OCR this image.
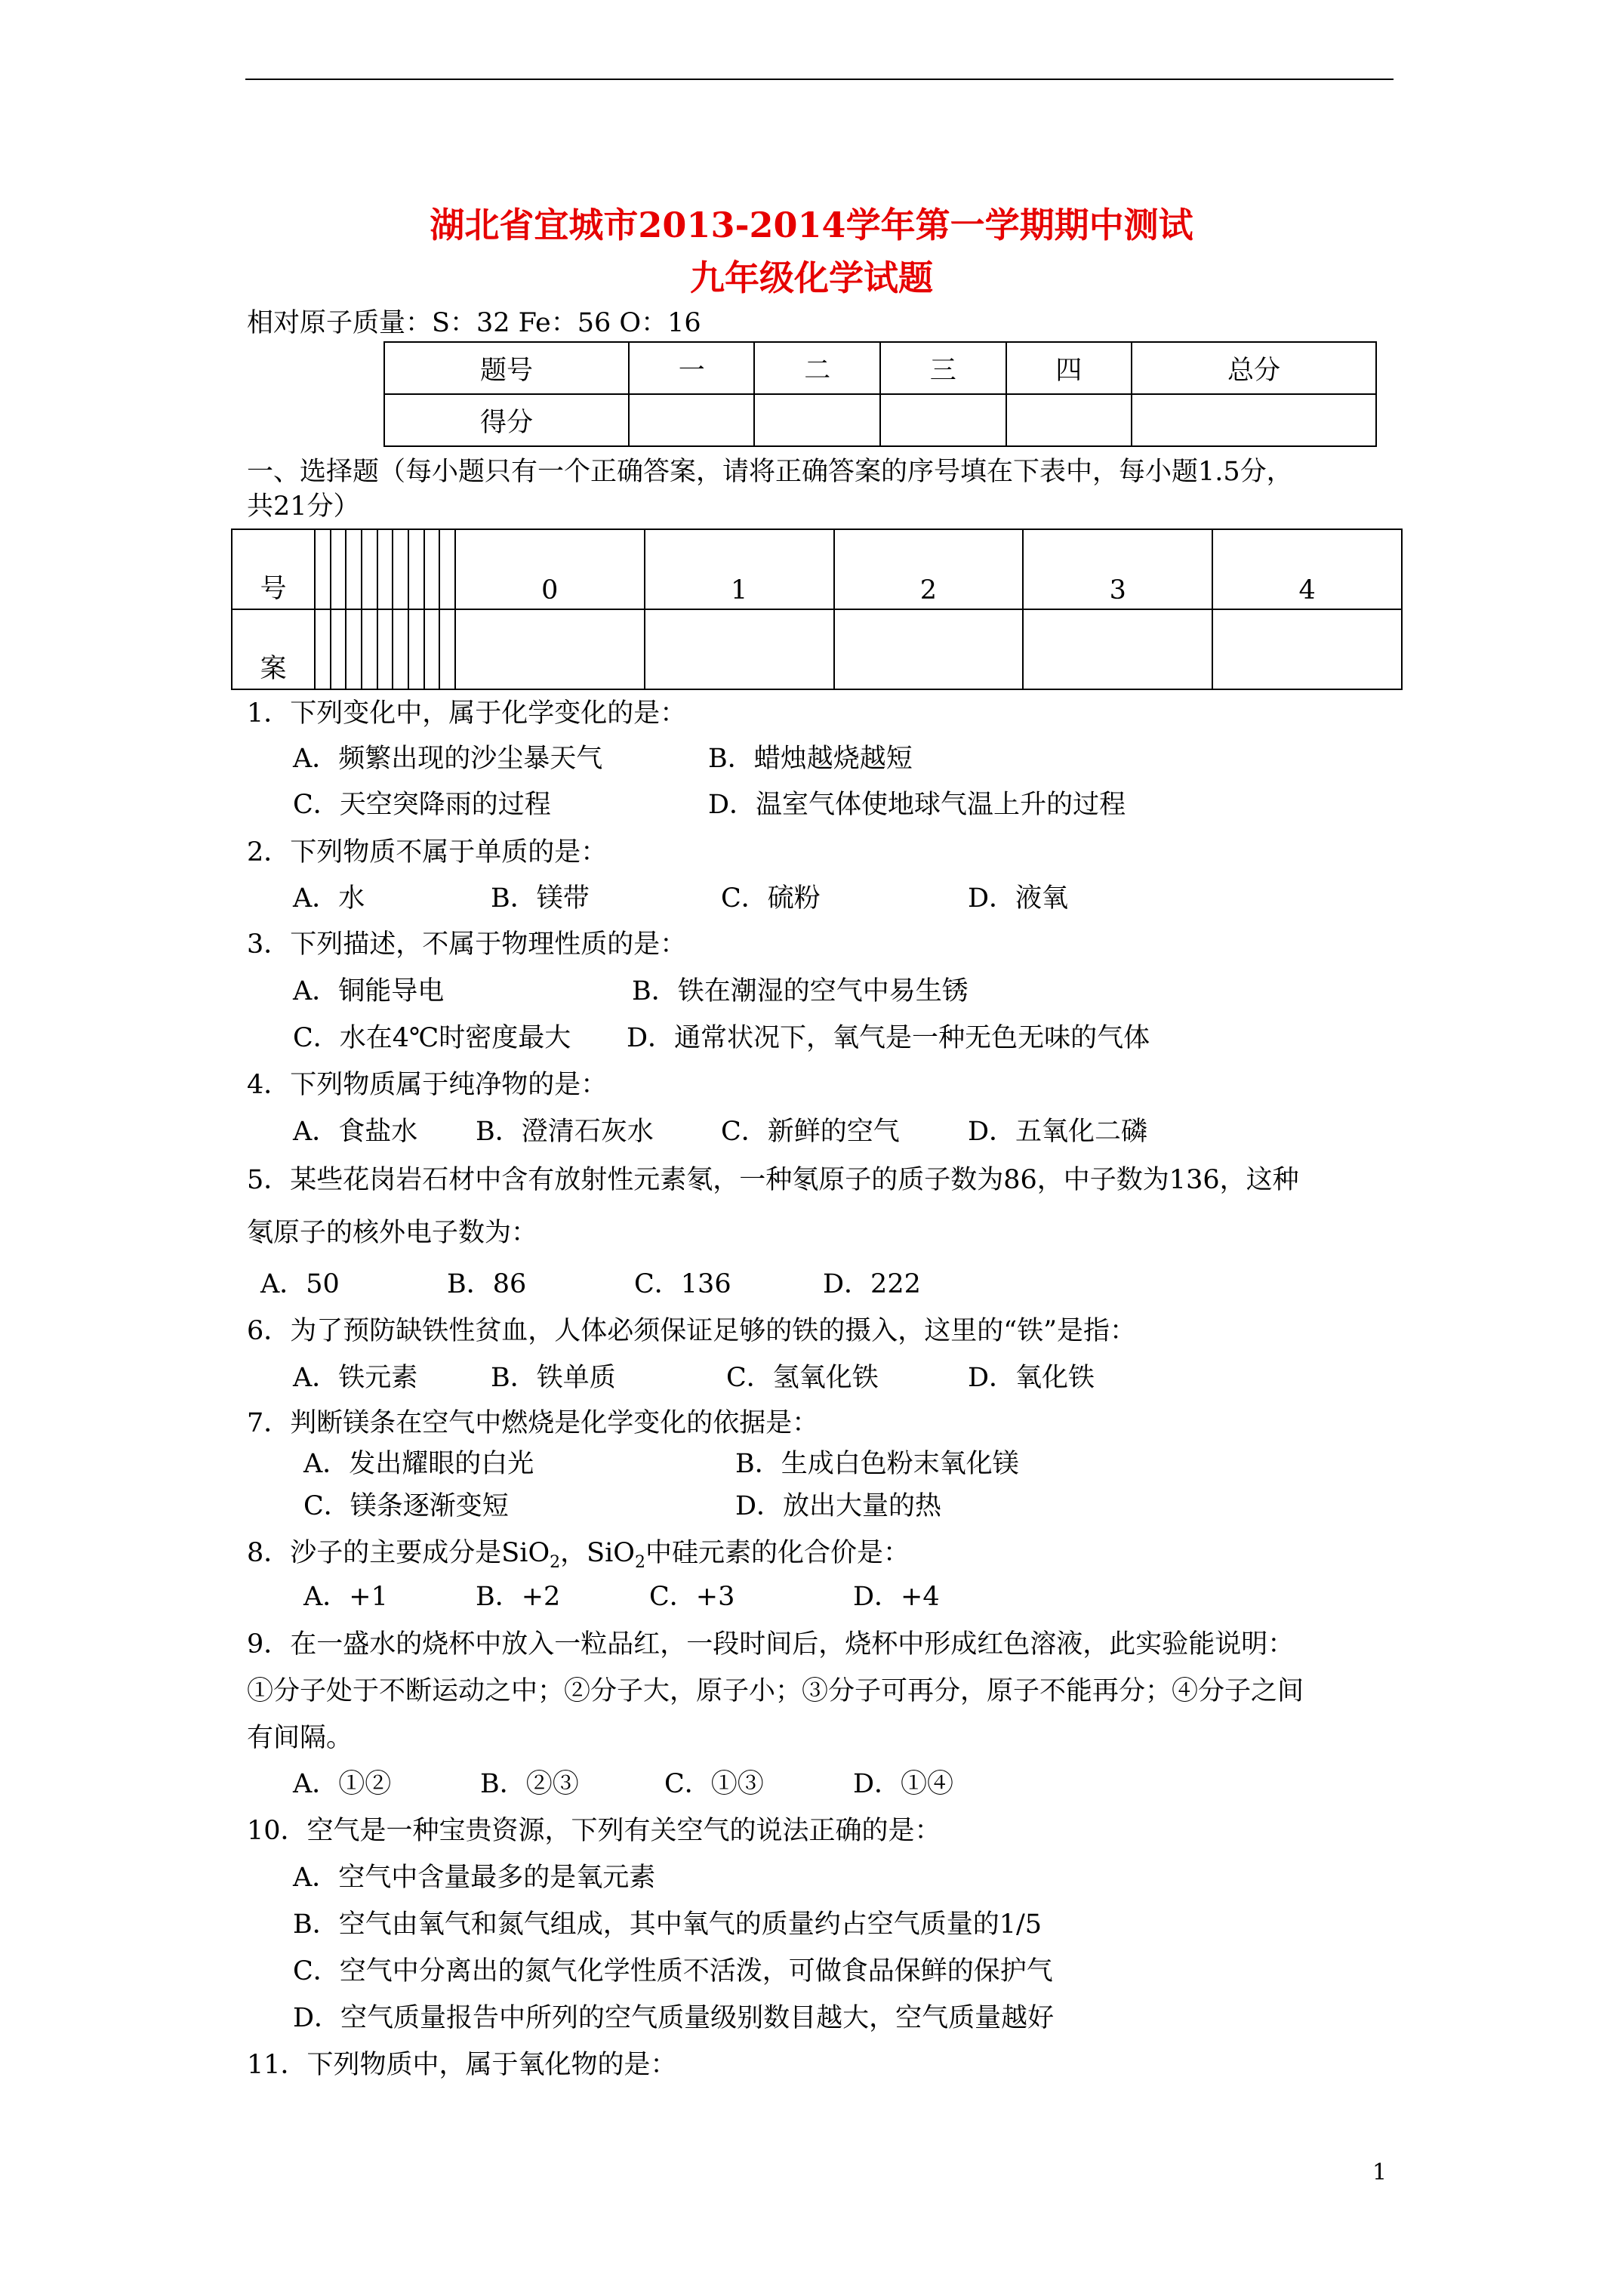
湖北省宜城市2013-2014学年第一学期期中测试
九年级化学试题
相对原子质量：S：32 Fe：56 O：16
题号	一	二	三	四	总分
得分					
一、选择题（每小题只有一个正确答案，请将正确答案的序号填在下表中，每小题1.5分，
共21分）
号										0	1	2	3	4
案														
1．下列变化中，属于化学变化的是：
A．频繁出现的沙尘暴天气	B．蜡烛越烧越短
C．天空突降雨的过程	D．温室气体使地球气温上升的过程
2．下列物质不属于单质的是：
A．水	B．镁带	C．硫粉	D．液氧
3．下列描述，不属于物理性质的是：
A．铜能导电	B．铁在潮湿的空气中易生锈
C．水在4℃时密度最大 D．通常状况下，氧气是一种无色无味的气体
4．下列物质属于纯净物的是：
A．食盐水 B．澄清石灰水	C．新鲜的空气	D．五氧化二磷
5．某些花岗岩石材中含有放射性元素氡，一种氡原子的质子数为86，中子数为136，这种
氡原子的核外电子数为：
A．50	B．86	C．136	D．222
6．为了预防缺铁性贫血，人体必须保证足够的铁的摄入，这里的“铁”是指：
A．铁元素	B．铁单质	C．氢氧化铁	D．氧化铁
7．判断镁条在空气中燃烧是化学变化的依据是：
A．发出耀眼的白光	B．生成白色粉末氧化镁
C．镁条逐渐变短	D．放出大量的热
8．沙子的主要成分是SiO$_2$，SiO$_2$中硅元素的化合价是：
A．+1	B．+2	C．+3	D．+4
9．在一盛水的烧杯中放入一粒品红，一段时间后，烧杯中形成红色溶液，此实验能说明：
①分子处于不断运动之中；②分子大，原子小；③分子可再分，原子不能再分；④分子之间
有间隔。
A．①②	B．②③	C．①③	D．①④
10．空气是一种宝贵资源，下列有关空气的说法正确的是：
A．空气中含量最多的是氧元素
B．空气由氧气和氮气组成，其中氧气的质量约占空气质量的1/5
C．空气中分离出的氮气化学性质不活泼，可做食品保鲜的保护气
D．空气质量报告中所列的空气质量级别数目越大，空气质量越好
11．下列物质中，属于氧化物的是：
1
